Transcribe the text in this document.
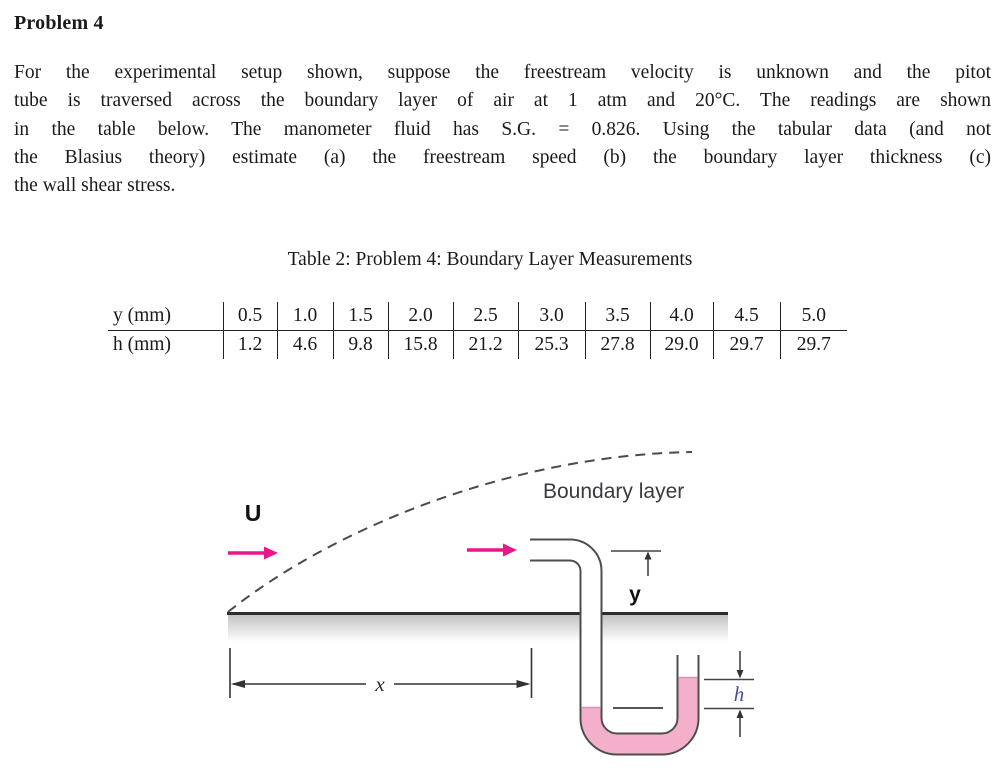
Problem 4
For the experimental setup shown, suppose the freestream velocity is unknown and the pitot
tube is traversed across the boundary layer of air at 1 atm and 20°C. The readings are shown
in the table below. The manometer fluid has S.G. = 0.826. Using the tabular data (and not
the Blasius theory) estimate (a) the freestream speed (b) the boundary layer thickness (c)
the wall shear stress.
Table 2: Problem 4: Boundary Layer Measurements
y (mm)	0.5	1.0	1.5	2.0	2.5	3.0	3.5	4.0	4.5	5.0
h (mm)	1.2	4.6	9.8	15.8	21.2	25.3	27.8	29.0	29.7	29.7
U
Boundary layer
y
x	h
